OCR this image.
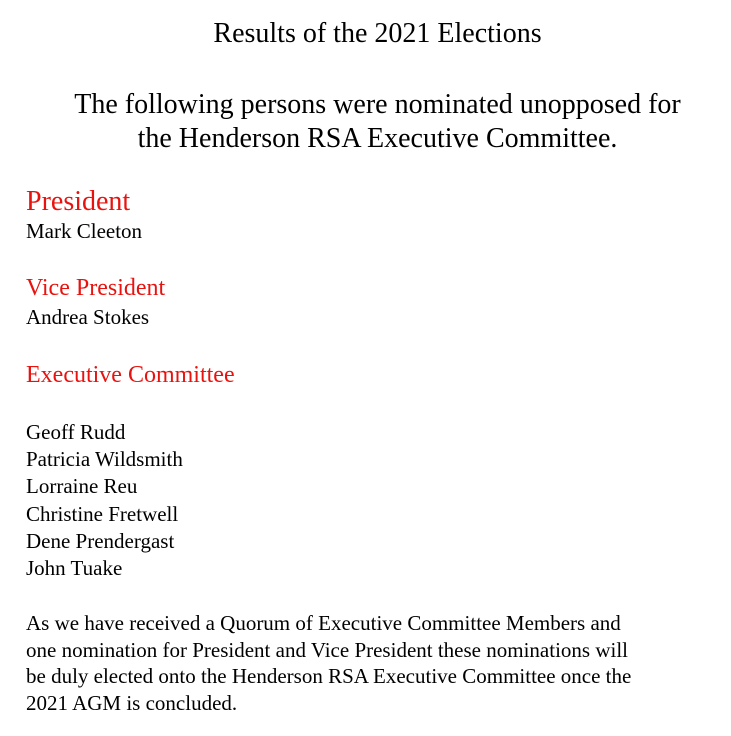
Results of the 2021 Elections
The following persons were nominated unopposed for
the Henderson RSA Executive Committee.
President
Mark Cleeton
Vice President
Andrea Stokes
Executive Committee
Geoff Rudd
Patricia Wildsmith
Lorraine Reu
Christine Fretwell
Dene Prendergast
John Tuake
As we have received a Quorum of Executive Committee Members and
one nomination for President and Vice President these nominations will
be duly elected onto the Henderson RSA Executive Committee once the
2021 AGM is concluded.
